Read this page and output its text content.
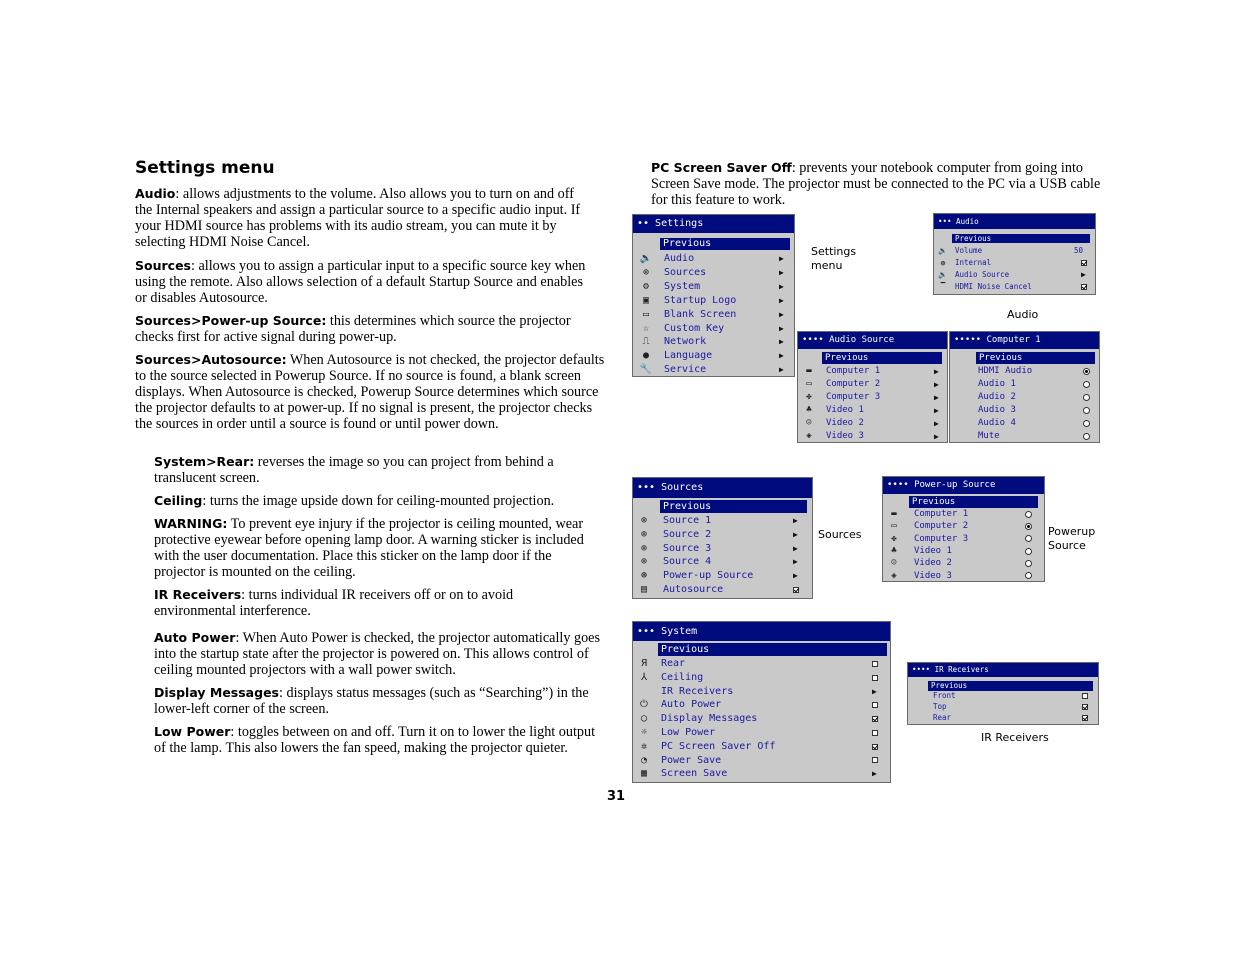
Settings menu

Audio: allows adjustments to the volume. Also allows you to turn on and off the Internal speakers and assign a particular source to a specific audio input. If your HDMI source has problems with its audio stream, you can mute it by selecting HDMI Noise Cancel.

Sources: allows you to assign a particular input to a specific source key when using the remote. Also allows selection of a default Startup Source and enables or disables Autosource.

Sources>Power-up Source: this determines which source the projector checks first for active signal during power-up.

Sources>Autosource: When Autosource is not checked, the projector defaults to the source selected in Powerup Source. If no source is found, a blank screen displays. When Autosource is checked, Powerup Source determines which source the projector defaults to at power-up. If no signal is present, the projector checks the sources in order until a source is found or until power down.

System>Rear: reverses the image so you can project from behind a translucent screen.

Ceiling: turns the image upside down for ceiling-mounted projection.

WARNING: To prevent eye injury if the projector is ceiling mounted, wear protective eyewear before opening lamp door. A warning sticker is included with the user documentation. Place this sticker on the lamp door if the projector is mounted on the ceiling.

IR Receivers: turns individual IR receivers off or on to avoid environmental interference.

Auto Power: When Auto Power is checked, the projector automatically goes into the startup state after the projector is powered on. This allows control of ceiling mounted projectors with a wall power switch.

Display Messages: displays status messages (such as “Searching”) in the lower-left corner of the screen.

Low Power: toggles between on and off. Turn it on to lower the light output of the lamp. This also lowers the fan speed, making the projector quieter.

PC Screen Saver Off: prevents your notebook computer from going into Screen Save mode. The projector must be connected to the PC via a USB cable for this feature to work.

•• Settings
Previous
🔉 Audio	▶
⊚ Sources	▶
⚙ System	▶
▣ Startup Logo	▶
▭ Blank Screen	▶
☆ Custom Key	▶
⎍ Network	▶
● Language	▶
🔧 Service	▶
••• Audio
Previous
🔉 Volume	50
◍	Internal
🔉 Audio Source	▶
▔	HDMI Noise Cancel
•••• Audio Source
Previous
▬	Computer 1	▶
▭	Computer 2	▶
✤	Computer 3	▶
♣	Video 1	▶
☺	Video 2	▶
◈	Video 3	▶
••••• Computer 1
Previous
HDMI Audio
Audio 1
Audio 2
Audio 3
Audio 4
Mute
••• Sources
Previous
⊚ Source 1	▶
⊚ Source 2	▶
⊚ Source 3	▶
⊚ Source 4	▶
⊛ Power-up Source	▶
▤ Autosource
•••• Power-up Source
Previous
▬	Computer 1
▭	Computer 2
✤	Computer 3
♣	Video 1
☺	Video 2
◈	Video 3
••• System
Previous
Я Rear
⅄ Ceiling
IR Receivers	▶
⏻ Auto Power
◯ Display Messages
☼ Low Power
✲ PC Screen Saver Off
◔ Power Save
▦ Screen Save	▶
•••• IR Receivers
Previous
Front
Top
Rear
Settings menu
Audio
Sources	Powerup Source
IR Receivers
31
